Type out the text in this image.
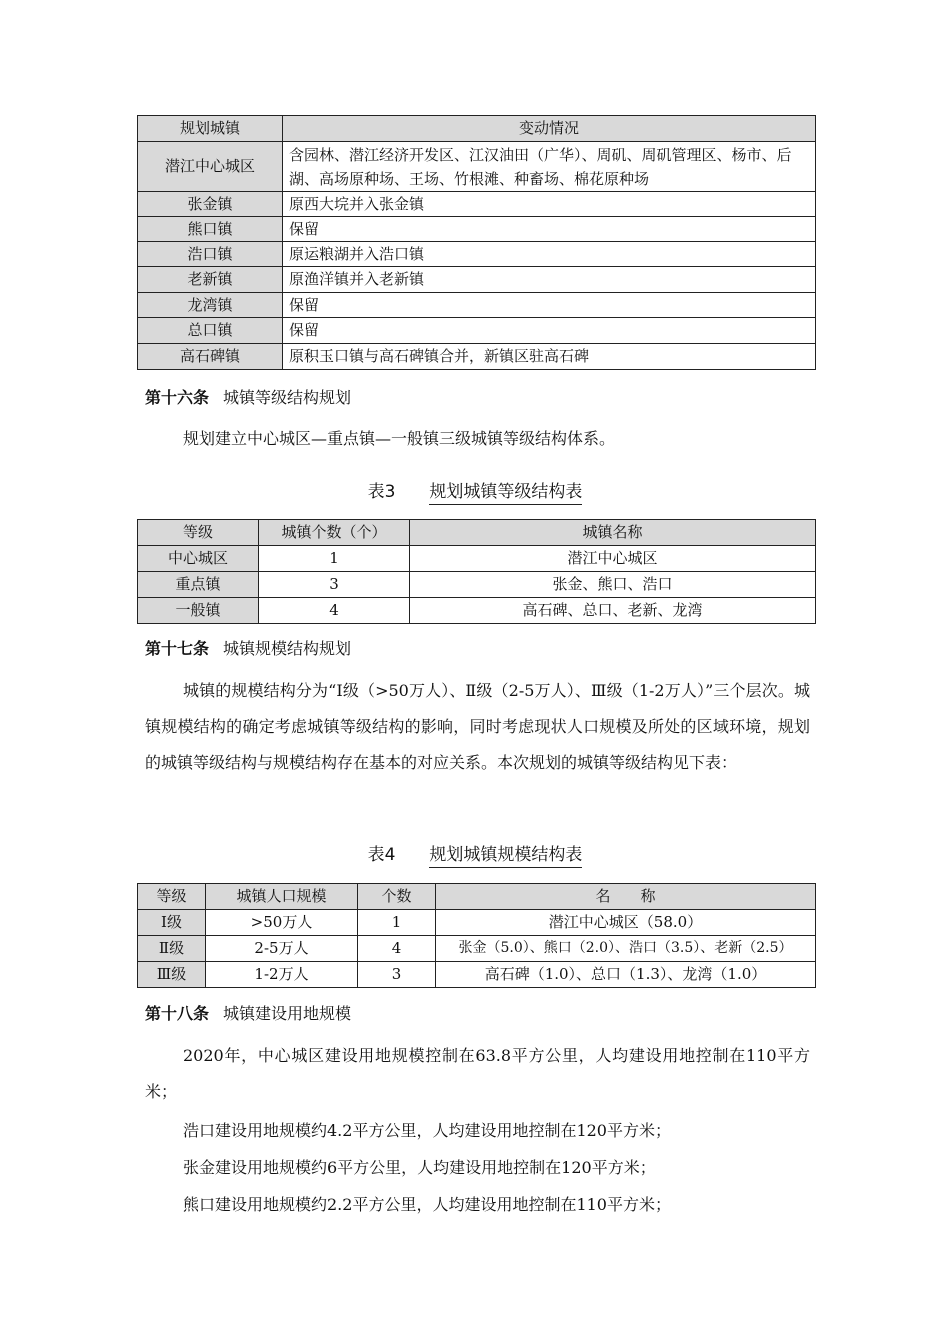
规划城镇	变动情况
潜江中心城区	含园林、潜江经济开发区、江汉油田（广华）、周矶、周矶管理区、杨市、后湖、高场原种场、王场、竹根滩、种畜场、棉花原种场
张金镇	原西大垸并入张金镇
熊口镇	保留
浩口镇	原运粮湖并入浩口镇
老新镇	原渔洋镇并入老新镇
龙湾镇	保留
总口镇	保留
高石碑镇	原积玉口镇与高石碑镇合并，新镇区驻高石碑
第十六条 城镇等级结构规划

规划建立中心城区—重点镇—一般镇三级城镇等级结构体系。

表3 规划城镇等级结构表
等级	城镇个数（个）	城镇名称
中心城区	1	潜江中心城区
重点镇	3	张金、熊口、浩口
一般镇	4	高石碑、总口、老新、龙湾
第十七条 城镇规模结构规划

城镇的规模结构分为“Ⅰ级（>50万人）、Ⅱ级（2-5万人）、Ⅲ级（1-2万人）”三个层次。城镇规模结构的确定考虑城镇等级结构的影响，同时考虑现状人口规模及所处的区域环境，规划的城镇等级结构与规模结构存在基本的对应关系。本次规划的城镇等级结构见下表：

表4 规划城镇规模结构表
等级	城镇人口规模	个数	名　　称
Ⅰ级	>50万人	1	潜江中心城区（58.0）
Ⅱ级	2-5万人	4	张金（5.0）、熊口（2.0）、浩口（3.5）、老新（2.5）
Ⅲ级	1-2万人	3	高石碑（1.0）、总口（1.3）、龙湾（1.0）
第十八条 城镇建设用地规模

2020年，中心城区建设用地规模控制在63.8平方公里，人均建设用地控制在110平方米；

浩口建设用地规模约4.2平方公里，人均建设用地控制在120平方米；

张金建设用地规模约6平方公里，人均建设用地控制在120平方米；

熊口建设用地规模约2.2平方公里，人均建设用地控制在110平方米；
